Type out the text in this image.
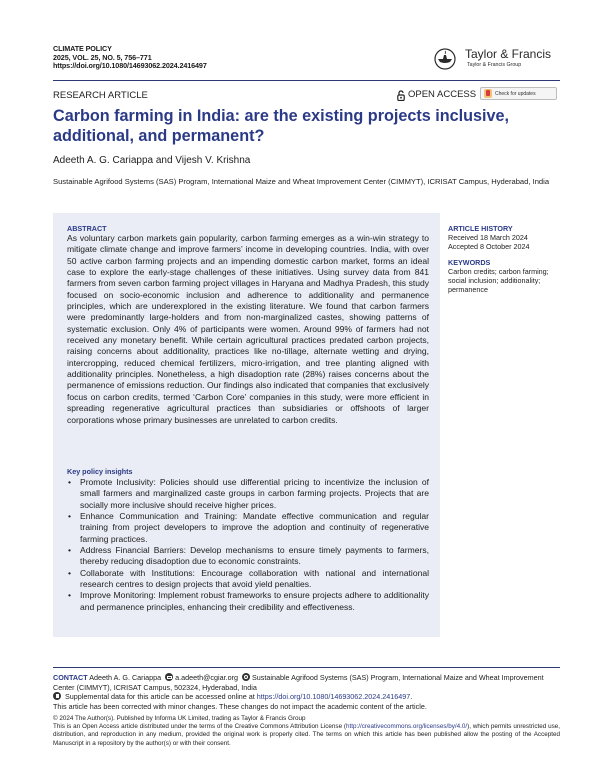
CLIMATE POLICY
2025, VOL. 25, NO. 5, 756–771
https://doi.org/10.1080/14693062.2024.2416497
Taylor & Francis
Taylor & Francis Group
RESEARCH ARTICLE	OPEN ACCESS	Check for updates
Carbon farming in India: are the existing projects inclusive, additional, and permanent?
Adeeth A. G. Cariappa and Vijesh V. Krishna
Sustainable Agrifood Systems (SAS) Program, International Maize and Wheat Improvement Center (CIMMYT), ICRISAT Campus, Hyderabad, India
ABSTRACT
As voluntary carbon markets gain popularity, carbon farming emerges as a win-win strategy to mitigate climate change and improve farmers’ income in developing countries. India, with over 50 active carbon farming projects and an impending domestic carbon market, forms an ideal case to explore the early-stage challenges of these initiatives. Using survey data from 841 farmers from seven carbon farming project villages in Haryana and Madhya Pradesh, this study focused on socio-economic inclusion and adherence to additionality and permanence principles, which are underexplored in the existing literature. We found that carbon farmers were predominantly large-holders and from non-marginalized castes, showing patterns of systematic exclusion. Only 4% of participants were women. Around 99% of farmers had not received any monetary benefit. While certain agricultural practices predated carbon projects, raising concerns about additionality, practices like no-tillage, alternate wetting and drying, intercropping, reduced chemical fertilizers, micro-irrigation, and tree planting aligned with additionality principles. Nonetheless, a high disadoption rate (28%) raises concerns about the permanence of emissions reduction. Our findings also indicated that companies that exclusively focus on carbon credits, termed ‘Carbon Core’ companies in this study, were more efficient in spreading regenerative agricultural practices than subsidiaries or offshoots of larger corporations whose primary businesses are unrelated to carbon credits.
Key policy insights
• Promote Inclusivity: Policies should use differential pricing to incentivize the inclusion of small farmers and marginalized caste groups in carbon farming projects. Projects that are socially more inclusive should receive higher prices.
• Enhance Communication and Training: Mandate effective communication and regular training from project developers to improve the adoption and continuity of regenerative farming practices.
• Address Financial Barriers: Develop mechanisms to ensure timely payments to farmers, thereby reducing disadoption due to economic constraints.
• Collaborate with Institutions: Encourage collaboration with national and international research centres to design projects that avoid yield penalties.
• Improve Monitoring: Implement robust frameworks to ensure projects adhere to additionality and permanence principles, enhancing their credibility and effectiveness.
ARTICLE HISTORY
Received 18 March 2024
Accepted 8 October 2024
KEYWORDS
Carbon credits; carbon farming; social inclusion; additionality; permanence
CONTACT Adeeth A. G. Cariappa a.adeeth@cgiar.org Sustainable Agrifood Systems (SAS) Program, International Maize and Wheat Improvement Center (CIMMYT), ICRISAT Campus, 502324, Hyderabad, India
Supplemental data for this article can be accessed online at https://doi.org/10.1080/14693062.2024.2416497.
This article has been corrected with minor changes. These changes do not impact the academic content of the article.
© 2024 The Author(s). Published by Informa UK Limited, trading as Taylor & Francis Group
This is an Open Access article distributed under the terms of the Creative Commons Attribution License (http://creativecommons.org/licenses/by/4.0/), which permits unrestricted use, distribution, and reproduction in any medium, provided the original work is properly cited. The terms on which this article has been published allow the posting of the Accepted Manuscript in a repository by the author(s) or with their consent.
